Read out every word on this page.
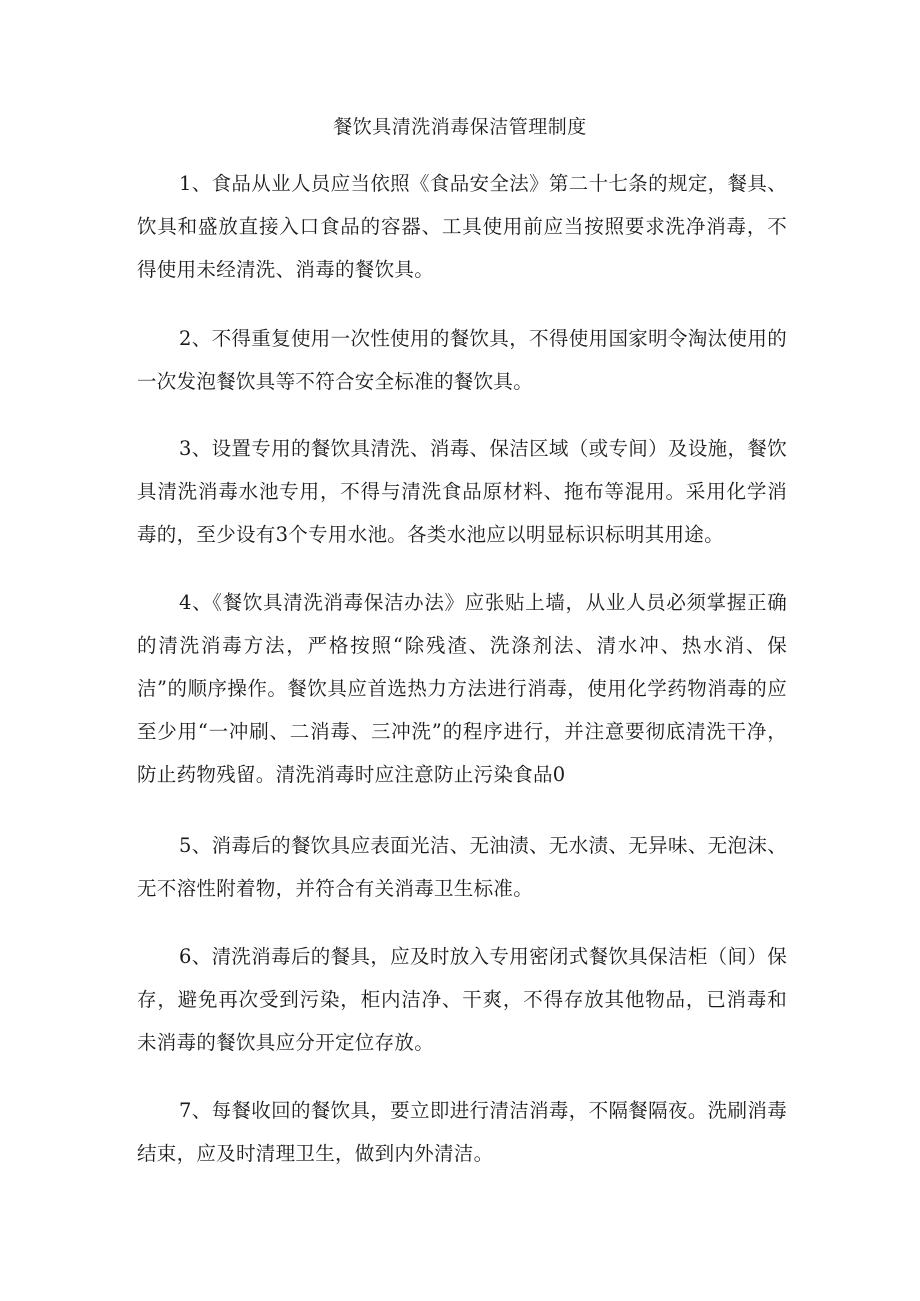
餐饮具清洗消毒保洁管理制度

1、食品从业人员应当依照《食品安全法》第二十七条的规定，餐具、饮具和盛放直接入口食品的容器、工具使用前应当按照要求洗净消毒，不得使用未经清洗、消毒的餐饮具。

2、不得重复使用一次性使用的餐饮具，不得使用国家明令淘汰使用的一次发泡餐饮具等不符合安全标准的餐饮具。

3、设置专用的餐饮具清洗、消毒、保洁区域（或专间）及设施，餐饮具清洗消毒水池专用，不得与清洗食品原材料、拖布等混用。采用化学消毒的，至少设有3个专用水池。各类水池应以明显标识标明其用途。

4、《餐饮具清洗消毒保洁办法》应张贴上墙，从业人员必须掌握正确的清洗消毒方法，严格按照“除残渣、洗涤剂法、清水冲、热水消、保洁”的顺序操作。餐饮具应首选热力方法进行消毒，使用化学药物消毒的应至少用“一冲刷、二消毒、三冲洗”的程序进行，并注意要彻底清洗干净，防止药物残留。清洗消毒时应注意防止污染食品0

5、消毒后的餐饮具应表面光洁、无油渍、无水渍、无异味、无泡沫、无不溶性附着物，并符合有关消毒卫生标准。

6、清洗消毒后的餐具，应及时放入专用密闭式餐饮具保洁柜（间）保存，避免再次受到污染，柜内洁净、干爽，不得存放其他物品，已消毒和未消毒的餐饮具应分开定位存放。

7、每餐收回的餐饮具，要立即进行清洁消毒，不隔餐隔夜。洗刷消毒结束，应及时清理卫生，做到内外清洁。
